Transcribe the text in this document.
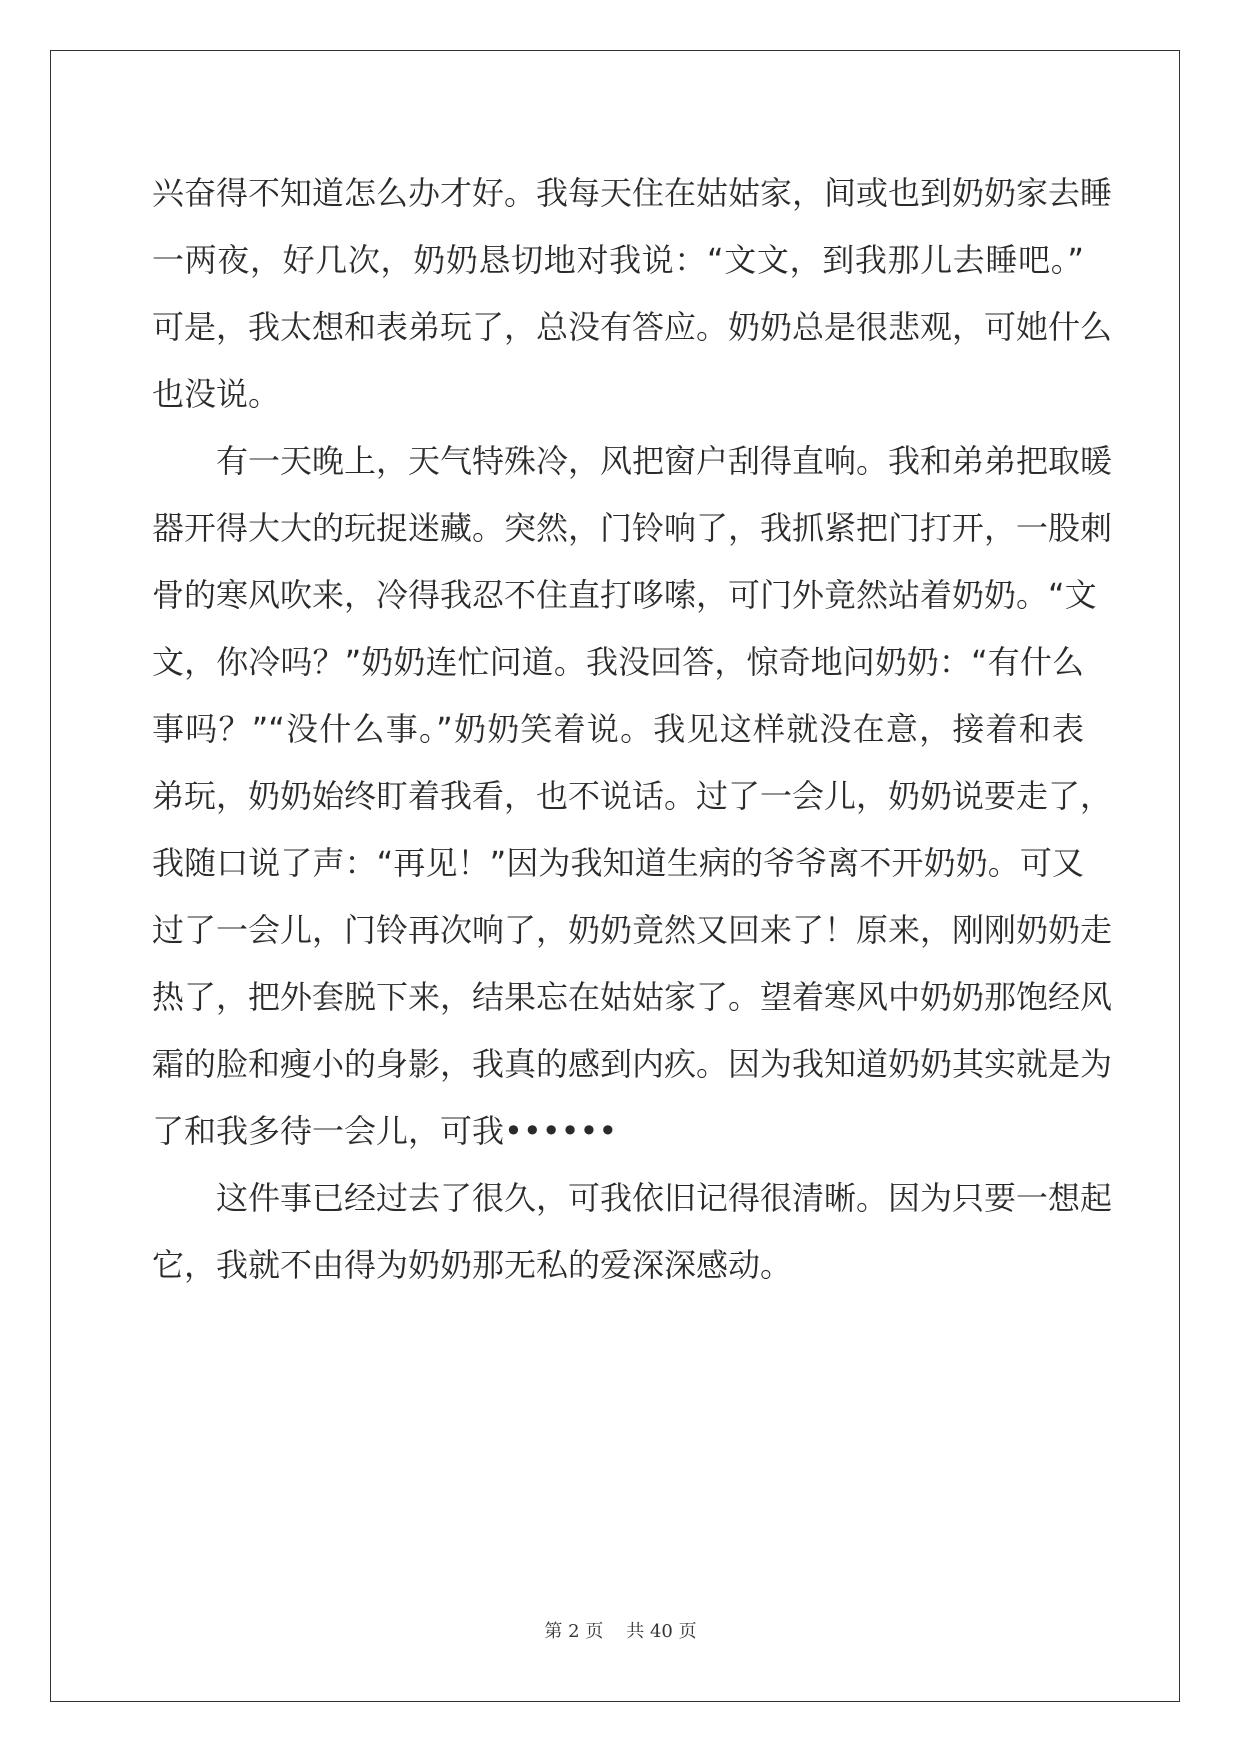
兴奋得不知道怎么办才好。我每天住在姑姑家，间或也到奶奶家去睡
一两夜，好几次，奶奶恳切地对我说：“文文，到我那儿去睡吧。”
可是，我太想和表弟玩了，总没有答应。奶奶总是很悲观，可她什么
也没说。
有一天晚上，天气特殊冷，风把窗户刮得直响。我和弟弟把取暖
器开得大大的玩捉迷藏。突然，门铃响了，我抓紧把门打开，一股刺
骨的寒风吹来，冷得我忍不住直打哆嗦，可门外竟然站着奶奶。“文
文，你冷吗？”奶奶连忙问道。我没回答，惊奇地问奶奶：“有什么
事吗？”“没什么事。”奶奶笑着说。我见这样就没在意，接着和表
弟玩，奶奶始终盯着我看，也不说话。过了一会儿，奶奶说要走了，
我随口说了声：“再见！”因为我知道生病的爷爷离不开奶奶。可又
过了一会儿，门铃再次响了，奶奶竟然又回来了！原来，刚刚奶奶走
热了，把外套脱下来，结果忘在姑姑家了。望着寒风中奶奶那饱经风
霜的脸和瘦小的身影，我真的感到内疚。因为我知道奶奶其实就是为
了和我多待一会儿，可我••••••
这件事已经过去了很久，可我依旧记得很清晰。因为只要一想起
它，我就不由得为奶奶那无私的爱深深感动。
第 2 页 共 40 页
